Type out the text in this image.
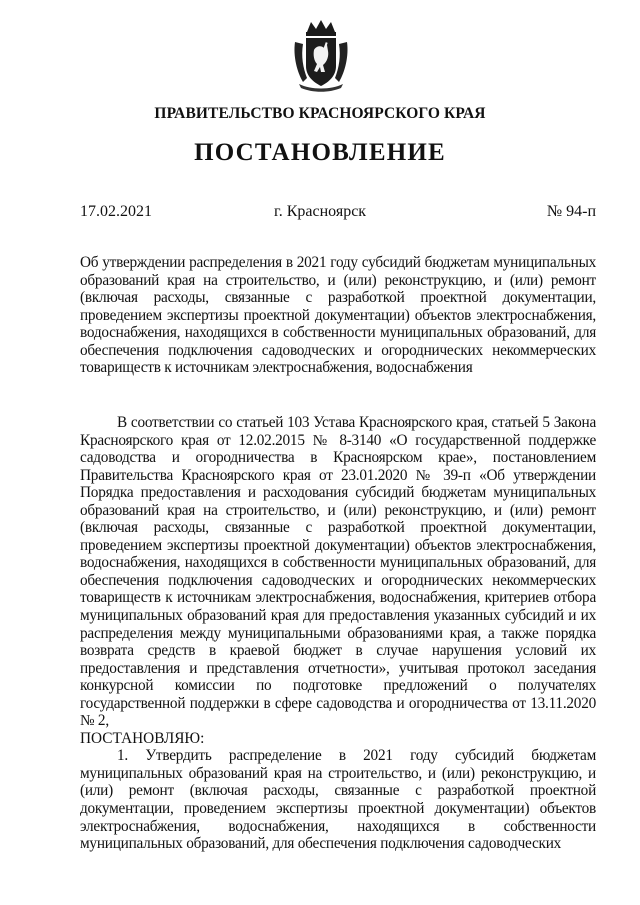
ПРАВИТЕЛЬСТВО КРАСНОЯРСКОГО КРАЯ
ПОСТАНОВЛЕНИЕ
17.02.2021	г. Красноярск	№ 94-п
Об утверждении распределения в 2021 году субсидий бюджетам муниципальных образований края на строительство, и (или) реконструкцию, и (или) ремонт (включая расходы, связанные с разработкой проектной документации, проведением экспертизы проектной документации) объектов электроснабжения, водоснабжения, находящихся в собственности муниципальных образований, для обеспечения подключения садоводческих и огороднических некоммерческих товариществ к источникам электроснабжения, водоснабжения

В соответствии со статьей 103 Устава Красноярского края, статьей 5 Закона Красноярского края от 12.02.2015 № 8-3140 «О государственной поддержке садоводства и огородничества в Красноярском крае», постановлением Правительства Красноярского края от 23.01.2020 № 39-п «Об утверждении Порядка предоставления и расходования субсидий бюджетам муниципальных образований края на строительство, и (или) реконструкцию, и (или) ремонт (включая расходы, связанные с разработкой проектной документации, проведением экспертизы проектной документации) объектов электроснабжения, водоснабжения, находящихся в собственности муниципальных образований, для обеспечения подключения садоводческих и огороднических некоммерческих товариществ к источникам электроснабжения, водоснабжения, критериев отбора муниципальных образований края для предоставления указанных субсидий и их распределения между муниципальными образованиями края, а также порядка возврата средств в краевой бюджет в случае нарушения условий их предоставления и представления отчетности», учитывая протокол заседания конкурсной комиссии по подготовке предложений о получателях государственной поддержки в сфере садоводства и огородничества от 13.11.2020 № 2,

ПОСТАНОВЛЯЮ:

1. Утвердить распределение в 2021 году субсидий бюджетам муниципальных образований края на строительство, и (или) реконструкцию, и (или) ремонт (включая расходы, связанные с разработкой проектной документации, проведением экспертизы проектной документации) объектов электроснабжения, водоснабжения, находящихся в собственности муниципальных образований, для обеспечения подключения садоводческих
